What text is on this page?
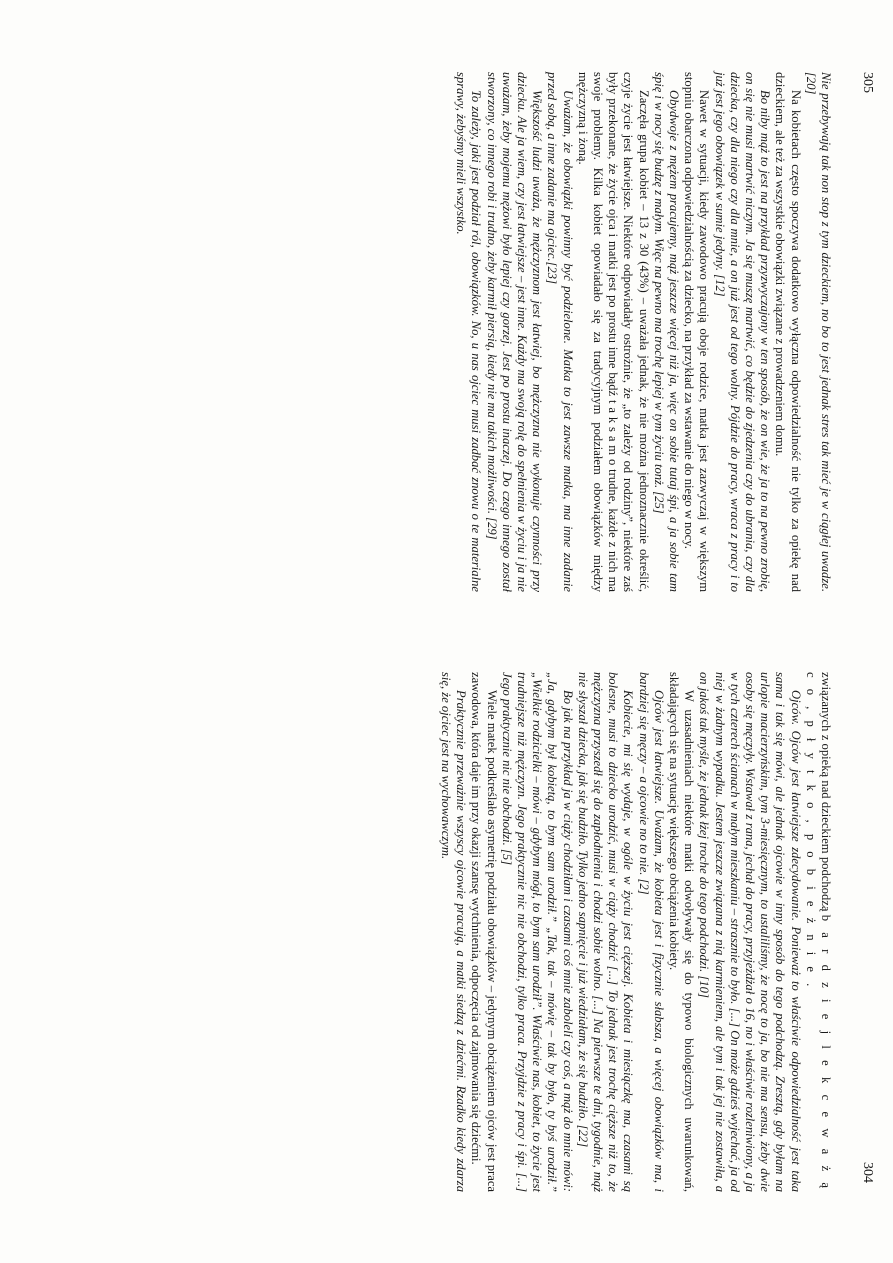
305
304

Nie przebywają tak non stop z tym dzieckiem, no bo to jest jednak stres tak mieć je w ciągłej uwadze. [20]

Na kobietach często spoczywa dodatkowo wyłączna odpowiedzialność nie tylko za opiekę nad dzieckiem, ale też za wszystkie obowiązki związane z prowadzeniem domu.

Bo niby mąż to jest na przykład przyzwyczajony w ten sposób, że on wie, że ja to na pewno zrobię, on się nie musi martwić niczym. Ja się muszę martwić, co będzie do zjedzenia czy do ubrania, czy dla dziecka, czy dla niego czy dla mnie, a on już jest od tego wolny. Pójdzie do pracy, wraca z pracy i to już jest jego obowiązek w sumie jedyny. [12]

Nawet w sytuacji, kiedy zawodowo pracują oboje rodzice, matka jest zazwyczaj w większym stopniu obarczona odpowiedzialnością za dziecko, na przykład za wstawanie do niego w nocy.

Obydwoje z mężem pracujemy, mąż jeszcze więcej niż ja, więc on sobie tutaj śpi, a ja sobie tam śpię i w nocy się budzę z małym. Więc na pewno ma trochę lepiej w tym życiu tonż. [25]

Zaczęła grupa kobiet – 13 z 30 (43%) – uważała jednak, że nie można jednoznacznie określić, czyje życie jest łatwiejsze. Niektóre odpowiadały ostrożnie, że „to zależy od rodziny”, niektóre zaś były przekonane, że życie ojca i matki jest po prostu inne bądź t a k s a m o trudne, każde z nich ma swoje problemy. Kilka kobiet opowiadało się za tradycyjnym podziałem obowiązków między mężczyzną i żoną.

Uważam, że obowiązki powinny być podzielone. Matka to jest zawsze matka, ma inne zadanie przed sobą, a inne zadanie ma ojciec.[23]

Większość ludzi uważa, że mężczyznom jest łatwiej, bo mężczyzna nie wykonuje czynności przy dziecku. Ale ja wiem, czy jest łatwiejsze – jest inne. Każdy ma swoją rolę do spełnienia w życiu i ja nie uważam, żeby mojemu mężowi było lepiej czy gorzej. Jest po prostu inaczej. Do czego innego został stworzony, co innego robi i trudno, żeby karmił piersią, kiedy nie ma takich możliwości. [29]

To zależy, jaki jest podział ról, obowiązków. No, u nas ojciec musi zadbać znowu o te materialne sprawy, żebyśmy mieli wszystko.

związanych z opieką nad dzieckiem podchodzą b a r d z i e j l e k c e w a ż ą c o , p ł y t k o , p o b i e ż n i e .

Ojców. Ojców jest łatwiejsze zdecydowanie. Ponieważ to właściwie odpowiedzialność jest taka sama i tak się mówi, ale jednak ojcowie w inny sposób do tego podchodzą. Zresztą, gdy byłam na urlopie macierzyńskim, tym 3-miesięcznym, to ustaliliśmy, że nocę to ja, bo nie ma sensu, żeby dwie osoby się męczyły. Wstawał z rana, jechał do pracy, przyjeżdżał o 16, no i właściwie rozleniwiony, a ja w tych czterech ścianach w małym mieszkaniu – strasznie to było. [...] On może gdzieś wyjechać, ja od niej w żadnym wypadku. Jestem jeszcze związana z nią karmieniem, ale tym i tak jej nie zostawiła, a on jakoś tak myśle, że jednak łżej troche do tego podchodzi. [10]

W uzasadnieniach niektóre matki odwoływały się do typowo biologicznych uwarunkowań, składających się na sytuację większego obciążenia kobiety.

Ojców jest łatwiejsze. Uważam, że kobieta jest i fizycznie słabsza, a więcej obowiązków ma, i bardziej się męczy – a ojcowie no to nie. [2]

Kobiecie, mi się wydaje, w ogóle w życiu jest cięższej. Kobieta i miesiączkę ma, czasami są bolesne, musi to dziecko urodzić, musi w ciąży chodzić [...] To jednak jest trochę cięższe niż to, że mężczyzna przyszedł się do zapłodnienia i chodzi sobie wolno. [...] Na pierwsze te dni, tygodnie, mąż nie słyszał dziecka, jak się budziło. Tylko jedno sapnięcie i już wiedziałam, że się budziło. [22]

Bo jak na przykład ja w ciąży chodziłam i czasami coś mnie zabolelí czy coś, a mąż do mnie mówi: „Ja, gdybym był kobietą, to bym sam urodził.” „Tak, tak – mówię – tak by było, ty byś urodził.” „Wielkie rodzicielki – mówi – gdybym mógł, to bym sam urodził”. Właściwie nas, kobiet, to życie jest trudniejsze niż mężczyzn. Jego praktycznie nic nie obchodzi, tylko praca. Przyjdzie z pracy i śpi. [...] Jego praktycznie nic nie obchodzi. [5]

Wiele matek podkreślało asymetrię podziału obowiązków – jedynym obciążeniem ojców jest praca zawodowa, która daje im przy okazji szansę wytchnienia, odpoczęcia od zajmowania się dziećmi.

Praktycznie przeważnie wszyscy ojcowie pracują, a matki siedzą z dziećmi. Rzadko kiedy zdarza się, że ojciec jest na wychowawczym.
